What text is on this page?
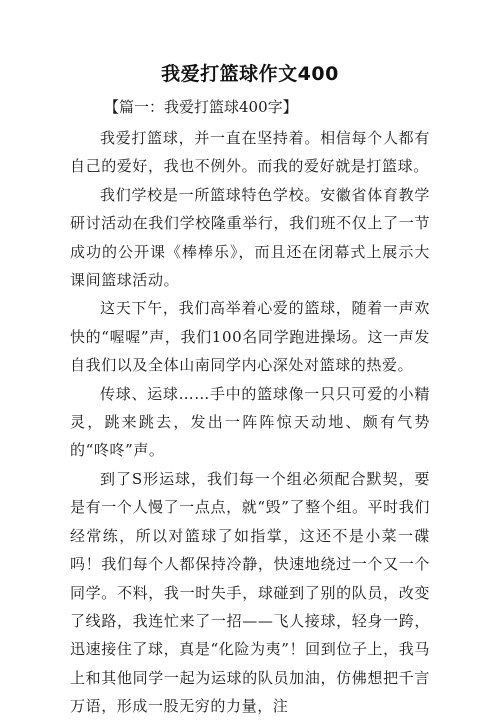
我爱打篮球作文400
【篇一：我爱打篮球400字】

我爱打篮球，并一直在坚持着。相信每个人都有自己的爱好，我也不例外。而我的爱好就是打篮球。

我们学校是一所篮球特色学校。安徽省体育教学研讨活动在我们学校隆重举行，我们班不仅上了一节成功的公开课《棒棒乐》，而且还在闭幕式上展示大课间篮球活动。

这天下午，我们高举着心爱的篮球，随着一声欢快的“喔喔”声，我们100名同学跑进操场。这一声发自我们以及全体山南同学内心深处对篮球的热爱。

传球、运球……手中的篮球像一只只可爱的小精灵，跳来跳去，发出一阵阵惊天动地、颇有气势的“咚咚”声。

到了S形运球，我们每一个组必须配合默契，要是有一个人慢了一点点，就“毁”了整个组。平时我们经常练，所以对篮球了如指掌，这还不是小菜一碟吗！我们每个人都保持冷静，快速地绕过一个又一个同学。不料，我一时失手，球碰到了别的队员，改变了线路，我连忙来了一招——飞人接球，轻身一跨，迅速接住了球，真是“化险为夷”！回到位子上，我马上和其他同学一起为运球的队员加油，仿佛想把千言万语，形成一股无穷的力量，注
